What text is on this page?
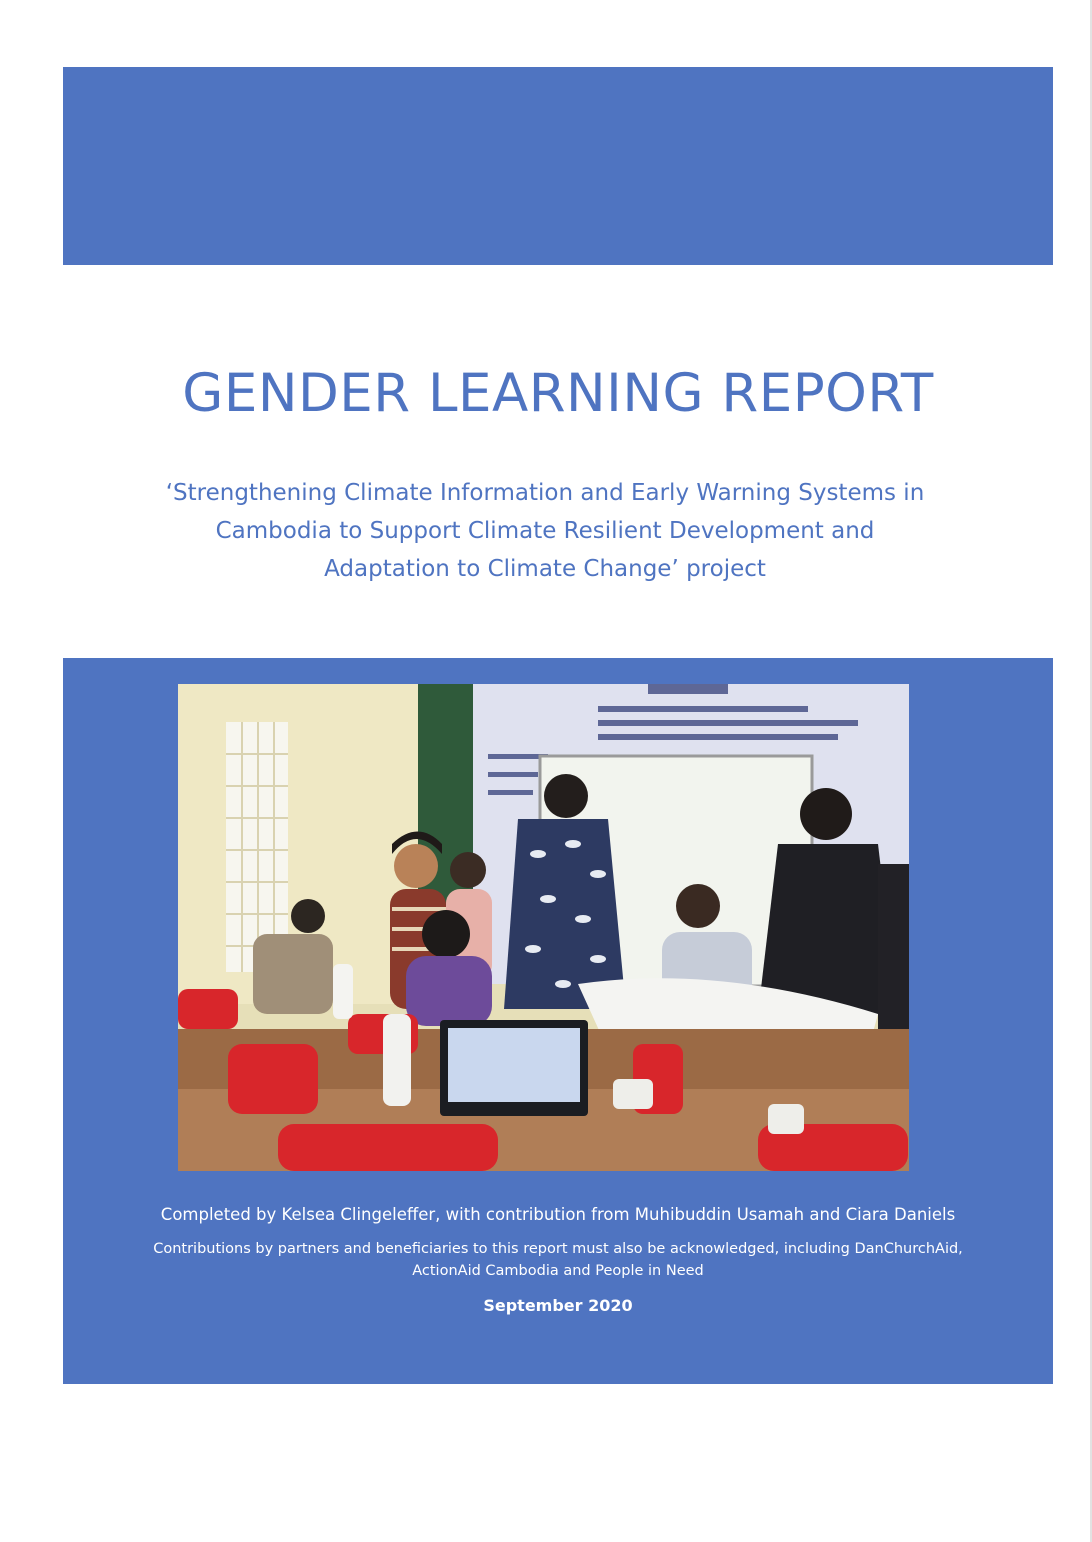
GENDER LEARNING REPORT

‘Strengthening Climate Information and Early Warning Systems in
Cambodia to Support Climate Resilient Development and
Adaptation to Climate Change’ project

Completed by Kelsea Clingeleffer, with contribution from Muhibuddin Usamah and Ciara Daniels
Contributions by partners and beneficiaries to this report must also be acknowledged, including DanChurchAid,
ActionAid Cambodia and People in Need
September 2020
